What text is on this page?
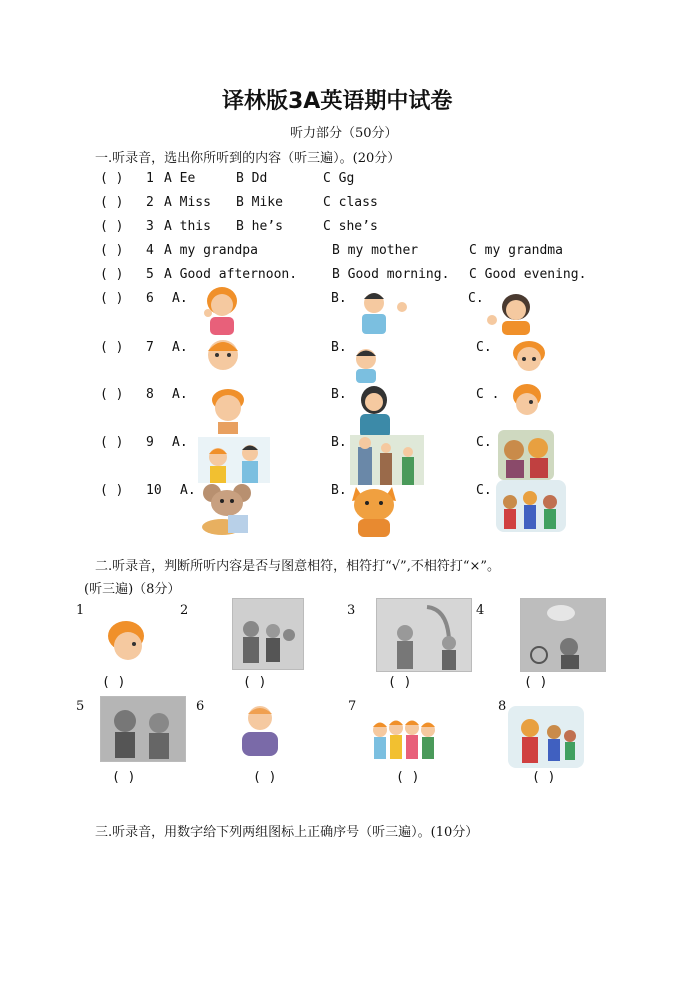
译林版3A英语期中试卷
听力部分（50分）
一.听录音，选出你所听到的内容（听三遍）。(20分）
( ) 1 A Ee	B Dd	C Gg
( ) 2 A Miss B Mike	C class
( ) 3 A this B he’s	C she’s
( ) 4 A my grandpa	B my mother	C my grandma
( ) 5 A Good afternoon.	B Good morning. C Good evening.
( ) 6 A.	B.	C.
( ) 7 A.	B.	C.
( ) 8 A.	B.	C .
( ) 9 A.	B.	C.
( ) 10 A.	B.	C.
二.听录音，判断所听内容是否与图意相符，相符打“√”,不相符打“×”。
(听三遍)（8分）
1
( )
2
( )
3
( )
4
( )
5
( )
6
( )
7
( )
8
( )
三.听录音，用数字给下列两组图标上正确序号（听三遍）。(10分）
